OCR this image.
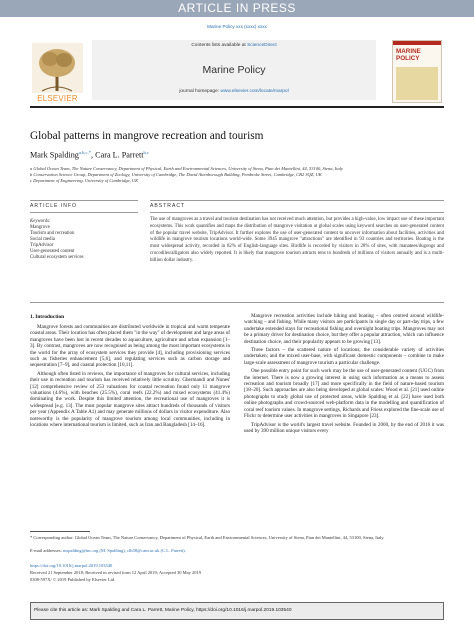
ARTICLE IN PRESS
Marine Policy xxx (xxxx) xxxx
ELSEVIER
Contents lists available at ScienceDirect
Marine Policy
journal homepage: www.elsevier.com/locate/marpol
MARINE POLICY
Global patterns in mangrove recreation and tourism
Mark Spalding$^{a,b,c,*}$, Cara L. Parrett$^{b,c}$
a Global Ocean Team, The Nature Conservancy, Department of Physical, Earth and Environmental Sciences, University of Siena, Pian dei Mantellini, 44, 53100, Siena, Italy
b Conservation Science Group, Department of Zoology, University of Cambridge, The David Attenborough Building, Pembroke Street, Cambridge, CB2 3QZ, UK
c Department of Engineering, University of Cambridge, UK
ARTICLE INFO
Keywords:
Mangrove
Tourism and recreation
Social media
TripAdvisor
User-generated content
Cultural ecosystem services
ABSTRACT
The use of mangroves as a travel and tourism destination has not received much attention, but provides a high-value, low impact use of these important ecosystems. This work quantifies and maps the distribution of mangrove visitation at global scales using keyword searches on user-generated content of the popular travel website, TripAdvisor. It further explores the use of user-generated content to uncover information about facilities, activities and wildlife in mangrove tourism locations world-wide. Some 3945 mangrove "attractions" are identified in 93 countries and territories. Boating is the most widespread activity, recorded in 82% of English-language sites. Birdlife is recorded by visitors in 28% of sites, with manatees/dugongs and crocodiles/alligators also widely reported. It is likely that mangrove tourism attracts tens to hundreds of millions of visitors annually and is a multi-billion dollar industry.
1. Introduction

Mangrove forests and communities are distributed worldwide in tropical and warm temperate coastal areas. Their location has often placed them "in the way" of development and large areas of mangroves have been lost in recent decades to aquaculture, agriculture and urban expansion [1–3]. By contrast, mangroves are now recognised as being among the most important ecosystems in the world for the array of ecosystem services they provide [4], including provisioning services such as fisheries enhancement [5,6], and regulating services such as carbon storage and sequestration [7–9], and coastal protection [10,11].

Although often listed in reviews, the importance of mangroves for cultural services, including their use in recreation and tourism has received relatively little scrutiny. Ghermandi and Nunes' [12] comprehensive review of 253 valuations for coastal recreation found only 11 mangrove valuations (4.6%), with beaches (25.5%), coral reefs (22.2%) and mixed ecosystems (41.4%) dominating the work. Despite this limited attention, the recreational use of mangroves it is widespread [e.g. 13]. The most popular mangrove sites attract hundreds of thousands of visitors per year (Appendix A Table A1) and may generate millions of dollars in visitor expenditure. Also noteworthy is the popularity of mangrove tourism among local communities, including in locations where international tourism is limited, such as Iran and Bangladesh [14–16].

Mangrove recreation activities include hiking and boating – often centred around wildlife-watching – and fishing. While many visitors are participants in single day or part-day trips, a few undertake extended stays for recreational fishing and overnight boating trips. Mangroves may not be a primary driver for destination choice, but they offer a popular attraction, which can influence destination choice, and their popularity appears to be growing [13].

Three factors – the scattered nature of locations; the considerable variety of activities undertaken; and the mixed user-base, with significant domestic components – combine to make large-scale assessment of mangrove tourism a particular challenge.

One possible entry point for such work may be the use of user-generated content (UGC) from the internet. There is now a growing interest in using such information as a means to assess recreation and tourism broadly [17] and more specifically in the field of nature-based tourism [18–20]. Such approaches are also being developed at global scales: Wood et al. [21] used online photographs to study global use of protected areas, while Spalding et al. [22] have used both online photographs and crowd-sourced web-platform data in the modelling and quantification of coral reef tourism values. In mangrove settings, Richards and Friess explored the fine-scale use of Flickr to determine user activities in mangroves in Singapore [23].

TripAdvisor is the world's largest travel website. Founded in 2000, by the end of 2016 it was used by 390 million unique visitors every

* Corresponding author. Global Ocean Team, The Nature Conservancy, Department of Physical, Earth and Environmental Sciences, University of Siena, Pian dei Mantellini, 44, 53100, Siena, Italy.
E-mail addresses: mspalding@tnc.org (M. Spalding), clh58@cam.ac.uk (C.L. Parrett).
https://doi.org/10.1016/j.marpol.2019.103540
Received 21 September 2018; Received in revised form 12 April 2019; Accepted 30 May 2019
0308-597X/ © 2019 Published by Elsevier Ltd.
Please cite this article as: Mark Spalding and Cara L. Parrett, Marine Policy, https://doi.org/10.1016/j.marpol.2019.103540
